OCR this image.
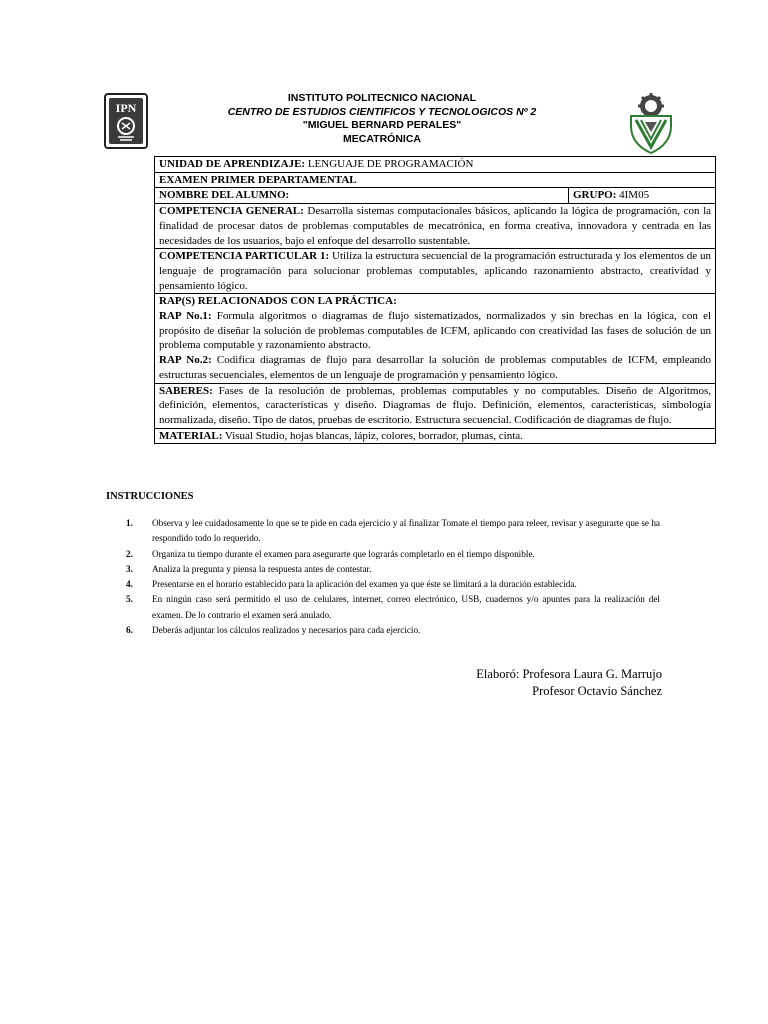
IPN
INSTITUTO POLITECNICO NACIONAL
CENTRO DE ESTUDIOS CIENTIFICOS Y TECNOLOGICOS Nº 2
"MIGUEL BERNARD PERALES"
MECATRÓNICA
UNIDAD DE APRENDIZAJE: LENGUAJE DE PROGRAMACIÓN
EXAMEN PRIMER DEPARTAMENTAL
NOMBRE DEL ALUMNO:	GRUPO: 4IM05
COMPETENCIA GENERAL: Desarrolla sistemas computacionales básicos, aplicando la lógica de programación, con la finalidad de procesar datos de problemas computables de mecatrónica, en forma creativa, innovadora y centrada en las necesidades de los usuarios, bajo el enfoque del desarrollo sustentable.
COMPETENCIA PARTICULAR 1: Utiliza la estructura secuencial de la programación estructurada y los elementos de un lenguaje de programación para solucionar problemas computables, aplicando razonamiento abstracto, creatividad y pensamiento lógico.

RAP(S) RELACIONADOS CON LA PRÁCTICA:
RAP No.1: Formula algoritmos o diagramas de flujo sistematizados, normalizados y sin brechas en la lógica, con el propósito de diseñar la solución de problemas computables de ICFM, aplicando con creatividad las fases de solución de un problema computable y razonamiento abstracto.
RAP No.2: Codifica diagramas de flujo para desarrollar la solución de problemas computables de ICFM, empleando estructuras secuenciales, elementos de un lenguaje de programación y pensamiento lógico.

SABERES: Fases de la resolución de problemas, problemas computables y no computables. Diseño de Algoritmos, definición, elementos, características y diseño. Diagramas de flujo. Definición, elementos, características, simbología normalizada, diseño. Tipo de datos, pruebas de escritorio. Estructura secuencial. Codificación de diagramas de flujo.
MATERIAL: Visual Studio, hojas blancas, lápiz, colores, borrador, plumas, cinta.
INSTRUCCIONES
1. Observa y lee cuidadosamente lo que se te pide en cada ejercicio y al finalizar Tomate el tiempo para releer, revisar y asegurarte que se ha respondido todo lo requerido.
2. Organiza tu tiempo durante el examen para asegurarte que lograrás completarlo en el tiempo disponible.
3. Analiza la pregunta y piensa la respuesta antes de contestar.
4. Presentarse en el horario establecido para la aplicación del examen ya que éste se limitará a la duración establecida.
5. En ningún caso será permitido el uso de celulares, internet, correo electrónico, USB, cuadernos y/o apuntes para la realización del examen. De lo contrario el examen será anulado.
6. Deberás adjuntar los cálculos realizados y necesarios para cada ejercicio.
Elaboró: Profesora Laura G. Marrujo
Profesor Octavio Sánchez
